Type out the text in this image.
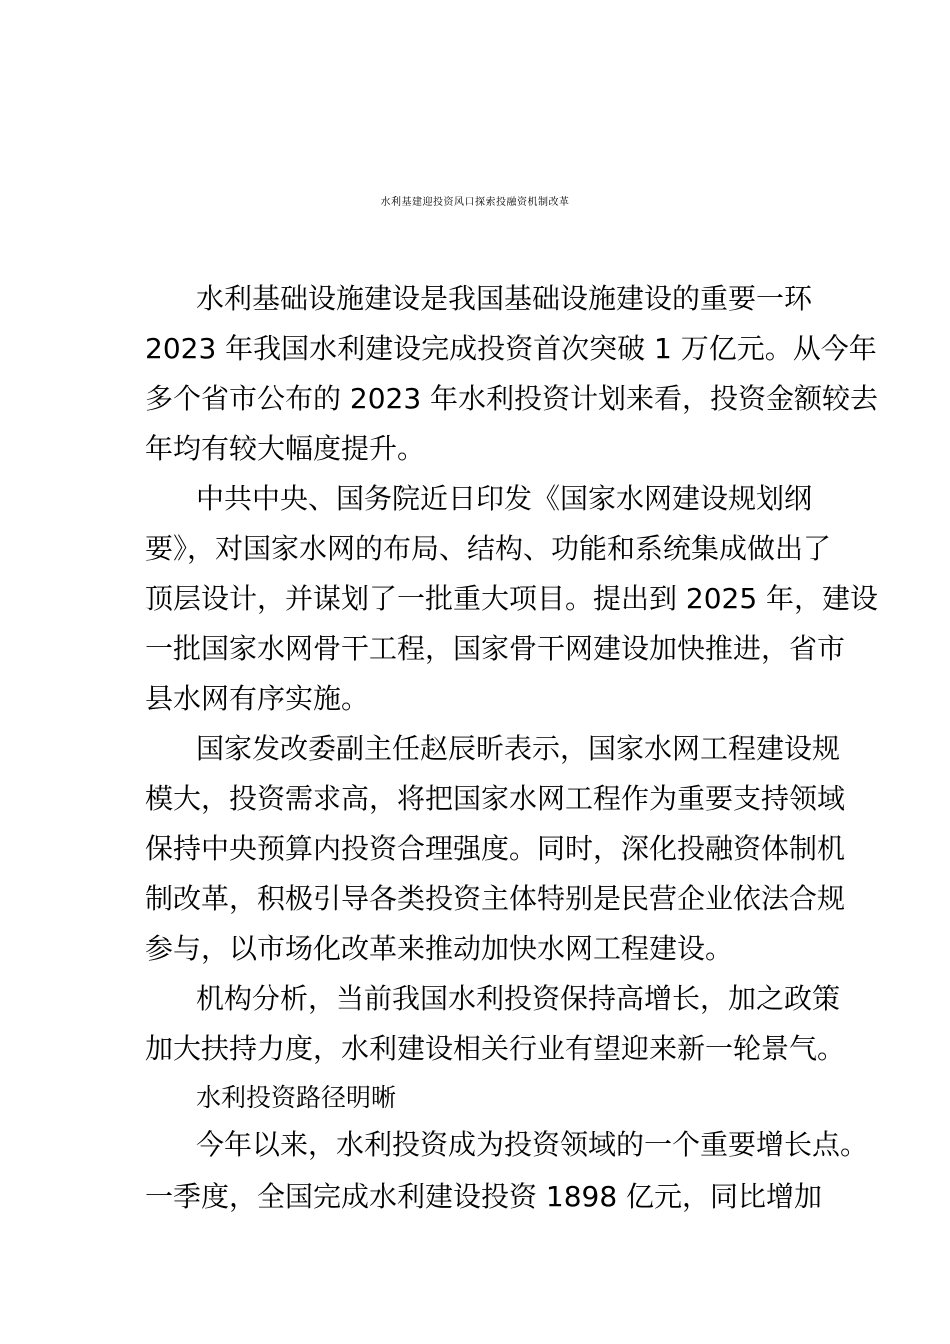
水利基建迎投资风口探索投融资机制改革
水利基础设施建设是我国基础设施建设的重要一环
2023 年我国水利建设完成投资首次突破 1 万亿元。从今年
多个省市公布的 2023 年水利投资计划来看，投资金额较去
年均有较大幅度提升。
中共中央、国务院近日印发《国家水网建设规划纲
要》，对国家水网的布局、结构、功能和系统集成做出了
顶层设计，并谋划了一批重大项目。提出到 2025 年，建设
一批国家水网骨干工程，国家骨干网建设加快推进，省市
县水网有序实施。
国家发改委副主任赵辰昕表示，国家水网工程建设规
模大，投资需求高，将把国家水网工程作为重要支持领域
保持中央预算内投资合理强度。同时，深化投融资体制机
制改革，积极引导各类投资主体特别是民营企业依法合规
参与，以市场化改革来推动加快水网工程建设。
机构分析，当前我国水利投资保持高增长，加之政策
加大扶持力度，水利建设相关行业有望迎来新一轮景气。
水利投资路径明晰
今年以来，水利投资成为投资领域的一个重要增长点。
一季度，全国完成水利建设投资 1898 亿元，同比增加
